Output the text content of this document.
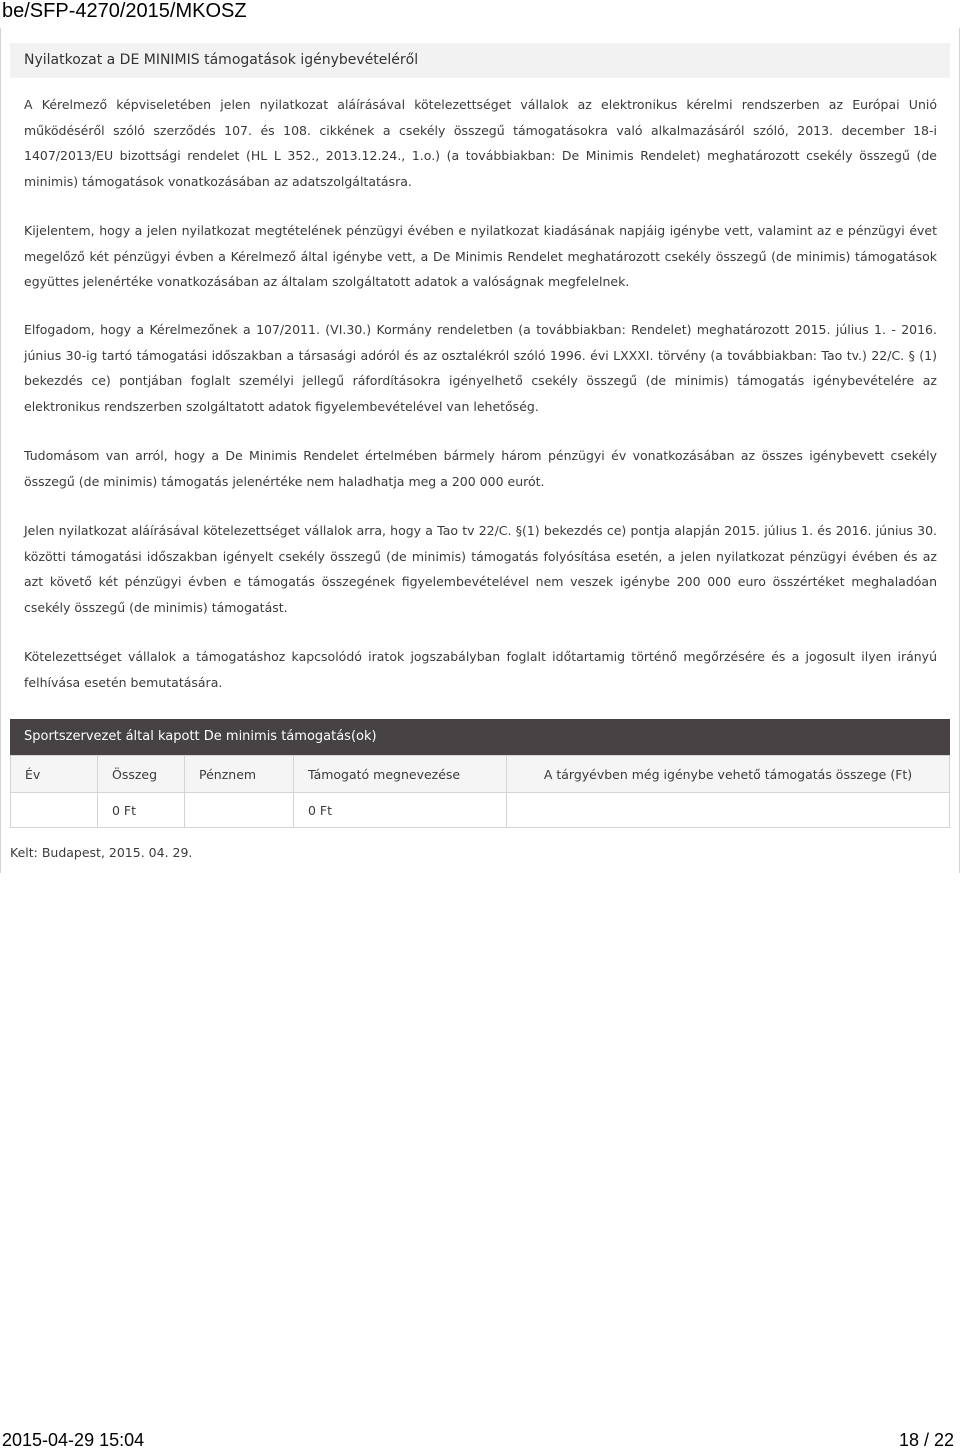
be/SFP-4270/2015/MKOSZ
Nyilatkozat a DE MINIMIS támogatások igénybevételéről

A Kérelmező képviseletében jelen nyilatkozat aláírásával kötelezettséget vállalok az elektronikus kérelmi rendszerben az Európai Unió működéséről szóló szerződés 107. és 108. cikkének a csekély összegű támogatásokra való alkalmazásáról szóló, 2013. december 18-i 1407/2013/EU bizottsági rendelet (HL L 352., 2013.12.24., 1.o.) (a továbbiakban: De Minimis Rendelet) meghatározott csekély összegű (de minimis) támogatások vonatkozásában az adatszolgáltatásra.

Kijelentem, hogy a jelen nyilatkozat megtételének pénzügyi évében e nyilatkozat kiadásának napjáig igénybe vett, valamint az e pénzügyi évet megelőző két pénzügyi évben a Kérelmező által igénybe vett, a De Minimis Rendelet meghatározott csekély összegű (de minimis) támogatások együttes jelenértéke vonatkozásában az általam szolgáltatott adatok a valóságnak megfelelnek.

Elfogadom, hogy a Kérelmezőnek a 107/2011. (VI.30.) Kormány rendeletben (a továbbiakban: Rendelet) meghatározott 2015. július 1. - 2016. június 30-ig tartó támogatási időszakban a társasági adóról és az osztalékról szóló 1996. évi LXXXI. törvény (a továbbiakban: Tao tv.) 22/C. § (1) bekezdés ce) pontjában foglalt személyi jellegű ráfordításokra igényelhető csekély összegű (de minimis) támogatás igénybevételére az elektronikus rendszerben szolgáltatott adatok figyelembevételével van lehetőség.

Tudomásom van arról, hogy a De Minimis Rendelet értelmében bármely három pénzügyi év vonatkozásában az összes igénybevett csekély összegű (de minimis) támogatás jelenértéke nem haladhatja meg a 200 000 eurót.

Jelen nyilatkozat aláírásával kötelezettséget vállalok arra, hogy a Tao tv 22/C. §(1) bekezdés ce) pontja alapján 2015. július 1. és 2016. június 30. közötti támogatási időszakban igényelt csekély összegű (de minimis) támogatás folyósítása esetén, a jelen nyilatkozat pénzügyi évében és az azt követő két pénzügyi évben e támogatás összegének figyelembevételével nem veszek igénybe 200 000 euro összértéket meghaladóan csekély összegű (de minimis) támogatást.

Kötelezettséget vállalok a támogatáshoz kapcsolódó iratok jogszabályban foglalt időtartamig történő megőrzésére és a jogosult ilyen irányú felhívása esetén bemutatására.

Sportszervezet által kapott De minimis támogatás(ok)
Év	Összeg	Pénznem	Támogató megnevezése	A tárgyévben még igénybe vehető támogatás összege (Ft)
	0 Ft		0 Ft	
Kelt: Budapest, 2015. 04. 29.
2015-04-29 15:04	18 / 22
